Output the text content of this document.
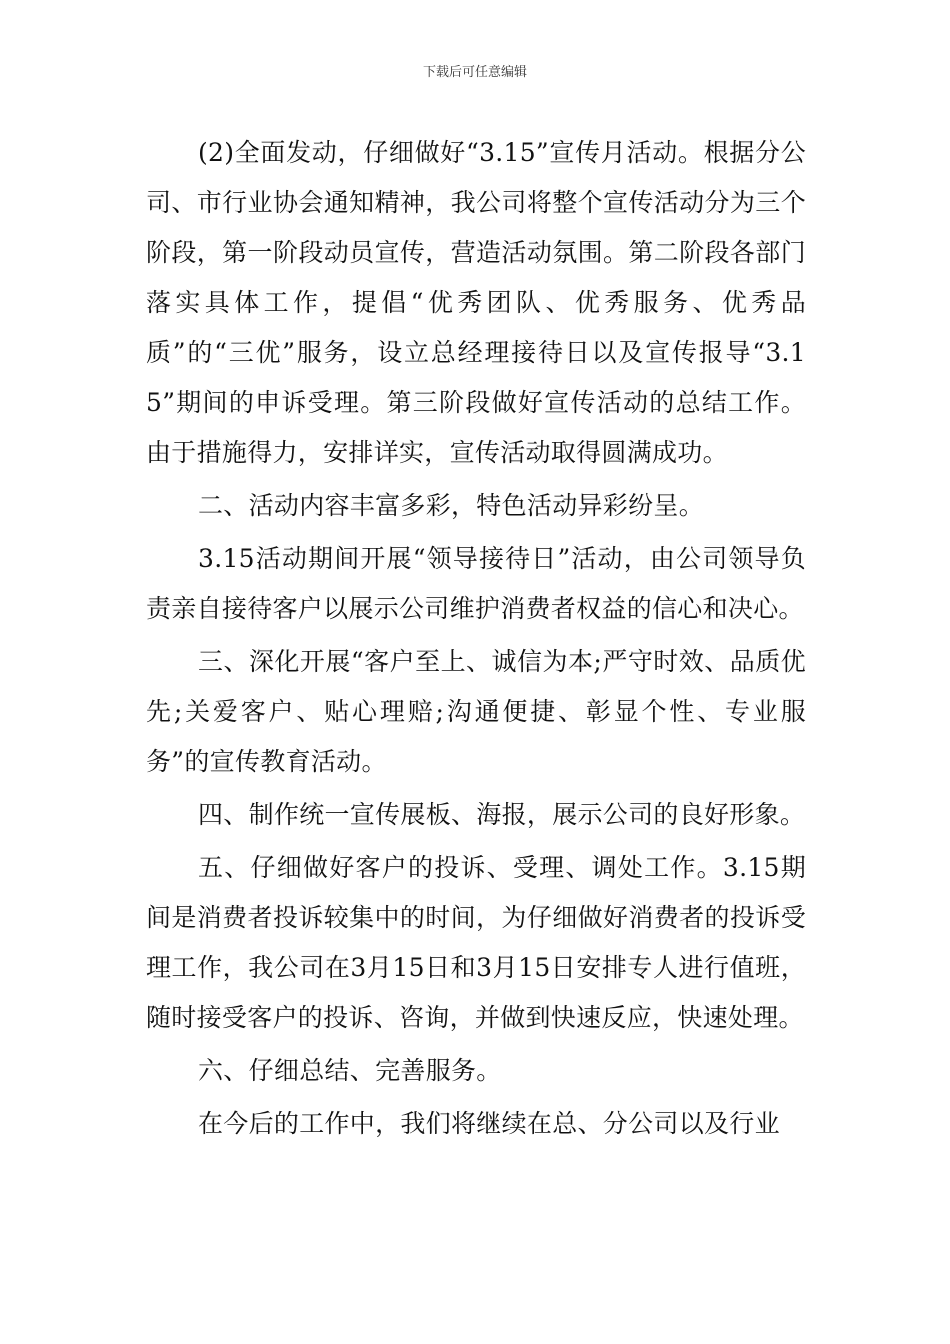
下载后可任意编辑

(2)全面发动，仔细做好“3.15”宣传月活动。根据分公司、市行业协会通知精神，我公司将整个宣传活动分为三个阶段，第一阶段动员宣传，营造活动氛围。第二阶段各部门落实具体工作，提倡“优秀团队、优秀服务、优秀品质”的“三优”服务，设立总经理接待日以及宣传报导“3.15”期间的申诉受理。第三阶段做好宣传活动的总结工作。由于措施得力，安排详实，宣传活动取得圆满成功。

二、活动内容丰富多彩，特色活动异彩纷呈。

3.15活动期间开展“领导接待日”活动，由公司领导负责亲自接待客户以展示公司维护消费者权益的信心和决心。

三、深化开展“客户至上、诚信为本;严守时效、品质优先;关爱客户、贴心理赔;沟通便捷、彰显个性、专业服务”的宣传教育活动。

四、制作统一宣传展板、海报，展示公司的良好形象。

五、仔细做好客户的投诉、受理、调处工作。3.15期间是消费者投诉较集中的时间，为仔细做好消费者的投诉受理工作，我公司在3月15日和3月15日安排专人进行值班，随时接受客户的投诉、咨询，并做到快速反应，快速处理。

六、仔细总结、完善服务。

在今后的工作中，我们将继续在总、分公司以及行业
